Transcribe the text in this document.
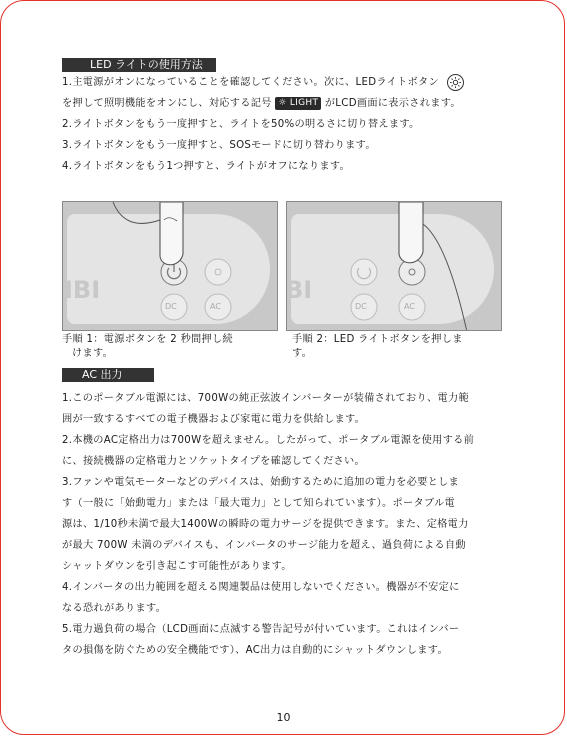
LED ライトの使用方法
1.主電源がオンになっていることを確認してください。次に、LEDライトボタン
を押して照明機能をオンにし、対応する記号 ☼ LIGHT がLCD画面に表示されます。
2.ライトボタンをもう一度押すと、ライトを50%の明るさに切り替えます。
3.ライトボタンをもう一度押すと、SOSモードに切り替わります。
4.ライトボタンをもう1つ押すと、ライトがオフになります。
DC	AC
IBI
DC	AC
BI
手順 1：電源ボタンを 2 秒間押し続
けます。
手順 2：LED ライトボタンを押しま
す。
AC 出力
1.このポータブル電源には、700Wの純正弦波インバーターが装備されており、電力範
囲が一致するすべての電子機器および家電に電力を供給します。
2.本機のAC定格出力は700Wを超えません。したがって、ポータブル電源を使用する前
に、接続機器の定格電力とソケットタイプを確認してください。
3.ファンや電気モーターなどのデバイスは、始動するために追加の電力を必要としま
す（一般に「始動電力」または「最大電力」として知られています）。ポータブル電
源は、1/10秒未満で最大1400Wの瞬時の電力サージを提供できます。また、定格電力
が最大 700W 未満のデバイスも、インバータのサージ能力を超え、過負荷による自動
シャットダウンを引き起こす可能性があります。
4.インバータの出力範囲を超える関連製品は使用しないでください。機器が不安定に
なる恐れがあります。
5.電力過負荷の場合（LCD画面に点滅する警告記号が付いています。これはインバー
タの損傷を防ぐための安全機能です）、AC出力は自動的にシャットダウンします。
10
